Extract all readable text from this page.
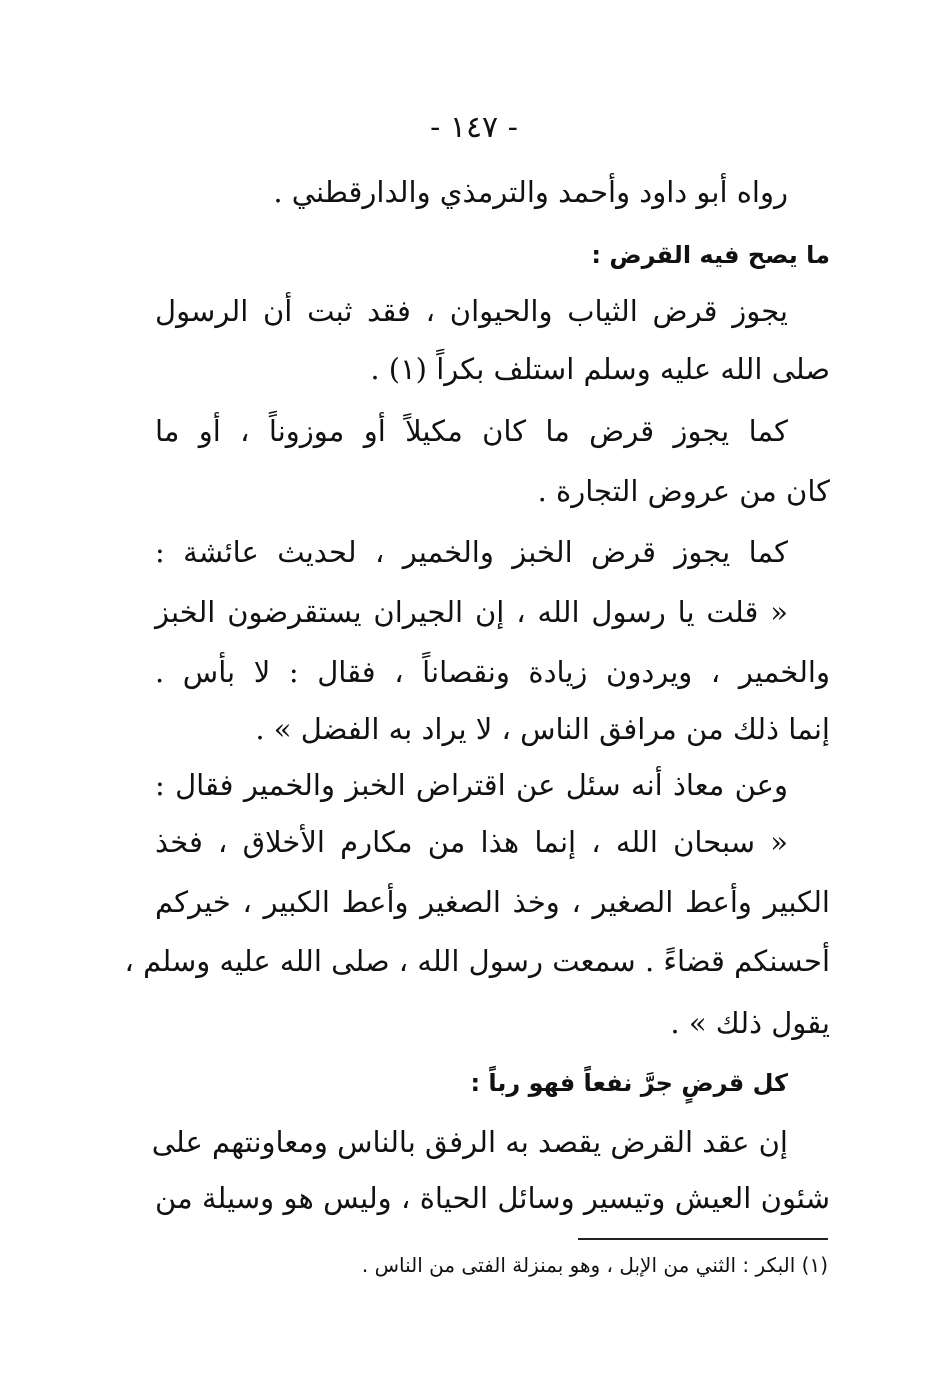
- ١٤٧ -
رواه أبو داود وأحمد والترمذي والدارقطني .
ما يصح فيه القرض :
يجوز قرض الثياب والحيوان ، فقد ثبت أن الرسول
صلى الله عليه وسلم استلف بكراً (١) .
كما يجوز قرض ما كان مكيلاً أو موزوناً ، أو ما
كان من عروض التجارة .
كما يجوز قرض الخبز والخمير ، لحديث عائشة :
« قلت يا رسول الله ، إن الجيران يستقرضون الخبز
والخمير ، ويردون زيادة ونقصاناً ، فقال : لا بأس .
إنما ذلك من مرافق الناس ، لا يراد به الفضل » .
وعن معاذ أنه سئل عن اقتراض الخبز والخمير فقال :
« سبحان الله ، إنما هذا من مكارم الأخلاق ، فخذ
الكبير وأعط الصغير ، وخذ الصغير وأعط الكبير ، خيركم
أحسنكم قضاءً . سمعت رسول الله ، صلى الله عليه وسلم ،
يقول ذلك » .
كل قرضٍ جرَّ نفعاً فهو رباً :
إن عقد القرض يقصد به الرفق بالناس ومعاونتهم على
شئون العيش وتيسير وسائل الحياة ، وليس هو وسيلة من
(١) البكر : الثني من الإبل ، وهو بمنزلة الفتى من الناس .
